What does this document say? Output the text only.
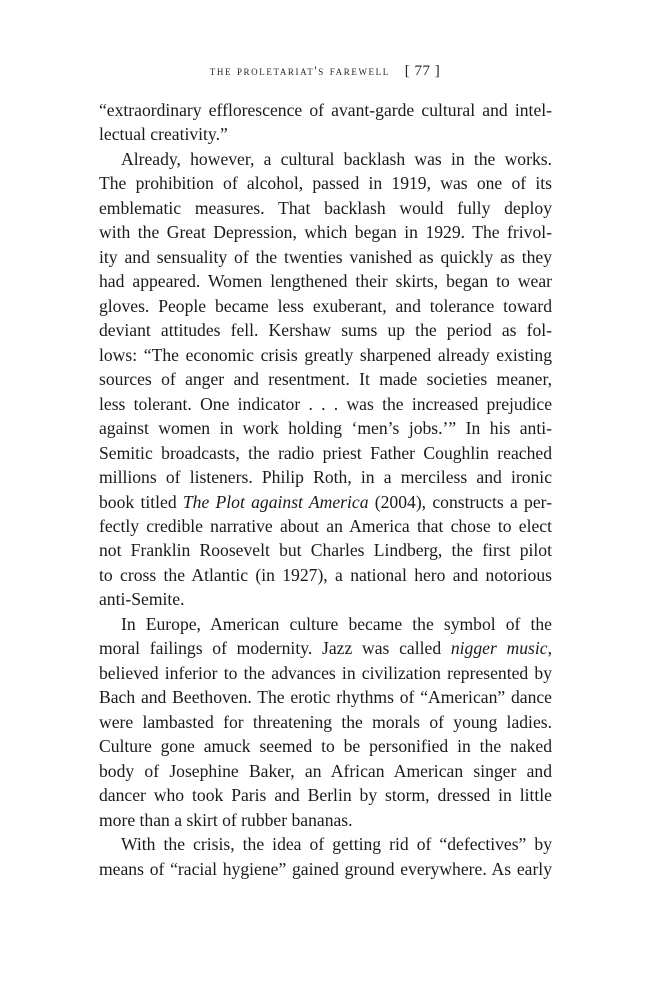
the proletariat's farewell [ 77 ]
“extraordinary efflorescence of avant-garde cultural and intel-
lectual creativity.”
Already, however, a cultural backlash was in the works.
The prohibition of alcohol, passed in 1919, was one of its
emblematic measures. That backlash would fully deploy
with the Great Depression, which began in 1929. The frivol-
ity and sensuality of the twenties vanished as quickly as they
had appeared. Women lengthened their skirts, began to wear
gloves. People became less exuberant, and tolerance toward
deviant attitudes fell. Kershaw sums up the period as fol-
lows: “The economic crisis greatly sharpened already existing
sources of anger and resentment. It made societies meaner,
less tolerant. One indicator . . . was the increased prejudice
against women in work holding ‘men’s jobs.’” In his anti-
Semitic broadcasts, the radio priest Father Coughlin reached
millions of listeners. Philip Roth, in a merciless and ironic
book titled The Plot against America (2004), constructs a per-
fectly credible narrative about an America that chose to elect
not Franklin Roosevelt but Charles Lindberg, the first pilot
to cross the Atlantic (in 1927), a national hero and notorious
anti-Semite.
In Europe, American culture became the symbol of the
moral failings of modernity. Jazz was called nigger music,
believed inferior to the advances in civilization represented by
Bach and Beethoven. The erotic rhythms of “American” dance
were lambasted for threatening the morals of young ladies.
Culture gone amuck seemed to be personified in the naked
body of Josephine Baker, an African American singer and
dancer who took Paris and Berlin by storm, dressed in little
more than a skirt of rubber bananas.
With the crisis, the idea of getting rid of “defectives” by
means of “racial hygiene” gained ground everywhere. As early
